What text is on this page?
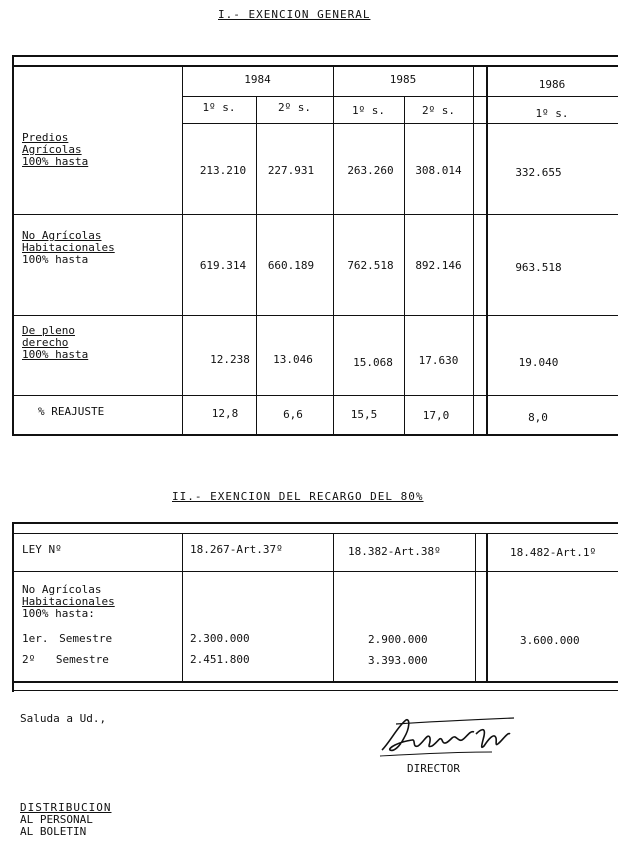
I.- EXENCION GENERAL
1984	1985	1986
1º s.	2º s.	1º s.	2º s.	1º s.
Predios
Agrícolas
100% hasta
213.210	227.931	263.260	308.014	332.655
No Agrícolas
Habitacionales
100% hasta	619.314	660.189	762.518	892.146	963.518
De pleno
derecho
100% hasta	12.238	13.046	15.068	17.630	19.040
% REAJUSTE	12,8	6,6	15,5	17,0	8,0
II.- EXENCION DEL RECARGO DEL 80%
LEY Nº	18.267-Art.37º	18.382-Art.38º	18.482-Art.1º
No Agrícolas
Habitacionales
100% hasta:
1er. Semestre	2.300.000	2.900.000	3.600.000
2º Semestre	2.451.800	3.393.000
Saluda a Ud.,
DIRECTOR
DISTRIBUCION
AL PERSONAL
AL BOLETIN
